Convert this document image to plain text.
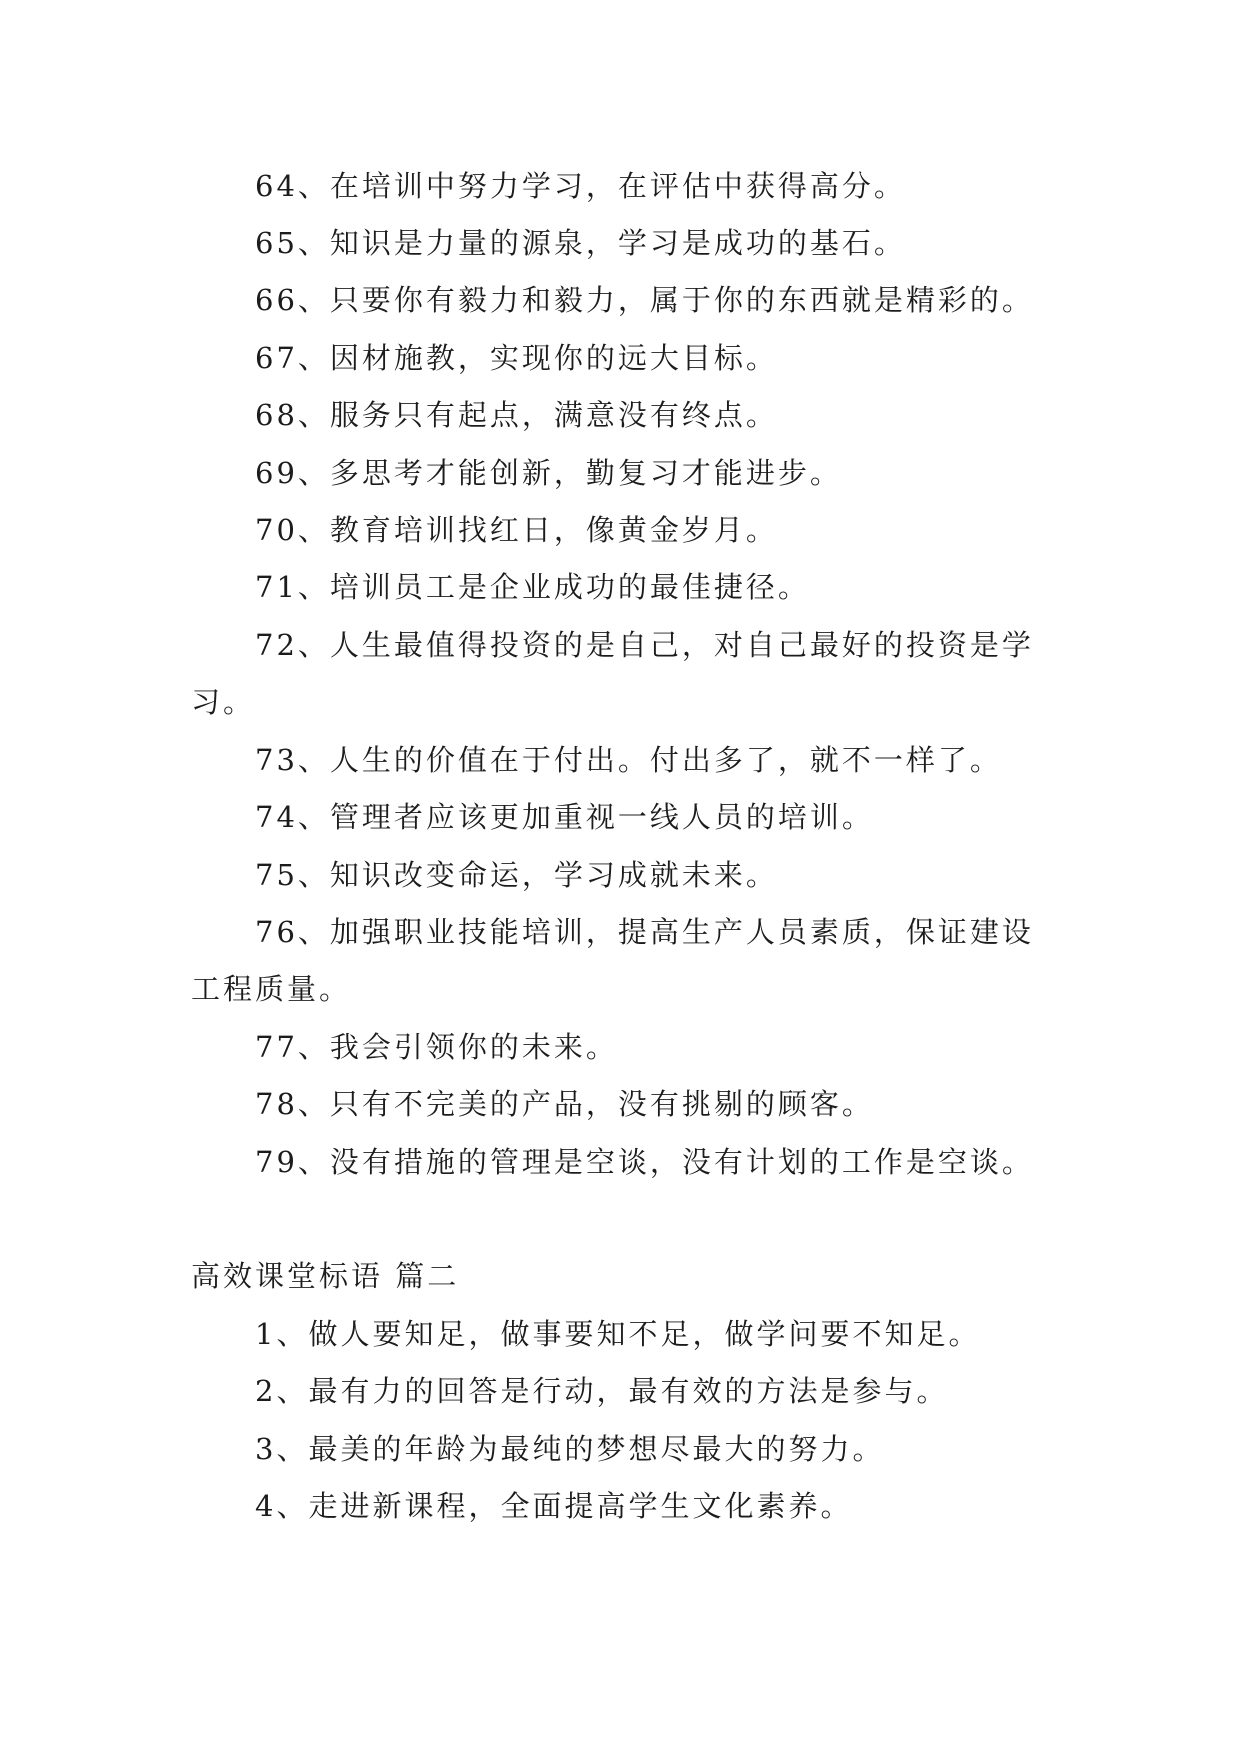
64、在培训中努力学习，在评估中获得高分。
65、知识是力量的源泉，学习是成功的基石。
66、只要你有毅力和毅力，属于你的东西就是精彩的。
67、因材施教，实现你的远大目标。
68、服务只有起点，满意没有终点。
69、多思考才能创新，勤复习才能进步。
70、教育培训找红日，像黄金岁月。
71、培训员工是企业成功的最佳捷径。
72、人生最值得投资的是自己，对自己最好的投资是学
习。
73、人生的价值在于付出。付出多了，就不一样了。
74、管理者应该更加重视一线人员的培训。
75、知识改变命运，学习成就未来。
76、加强职业技能培训，提高生产人员素质，保证建设
工程质量。
77、我会引领你的未来。
78、只有不完美的产品，没有挑剔的顾客。
79、没有措施的管理是空谈，没有计划的工作是空谈。
高效课堂标语 篇二
1、做人要知足，做事要知不足，做学问要不知足。
2、最有力的回答是行动，最有效的方法是参与。
3、最美的年龄为最纯的梦想尽最大的努力。
4、走进新课程，全面提高学生文化素养。
